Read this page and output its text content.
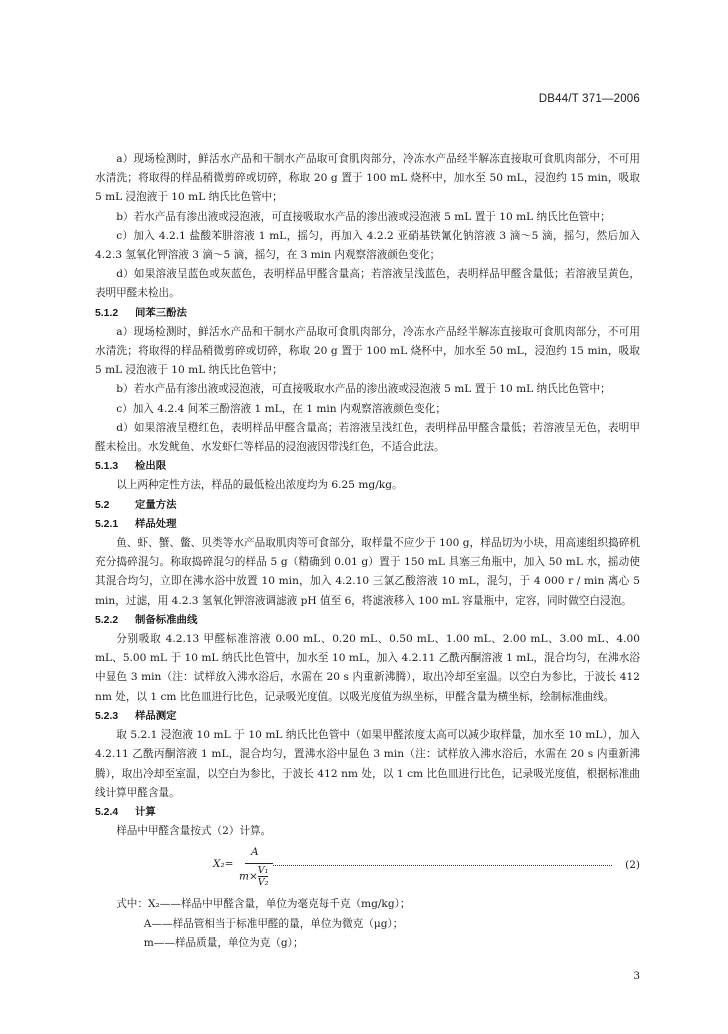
DB44/T 371—2006

a）现场检测时，鲜活水产品和干制水产品取可食肌肉部分，冷冻水产品经半解冻直接取可食肌肉部分，不可用水清洗；将取得的样品稍微剪碎或切碎，称取 20 g 置于 100 mL 烧杯中，加水至 50 mL，浸泡约 15 min，吸取 5 mL 浸泡液于 10 mL 纳氏比色管中；

b）若水产品有渗出液或浸泡液，可直接吸取水产品的渗出液或浸泡液 5 mL 置于 10 mL 纳氏比色管中；

c）加入 4.2.1 盐酸苯肼溶液 1 mL，摇匀，再加入 4.2.2 亚硝基铁氰化钠溶液 3 滴～5 滴，摇匀，然后加入 4.2.3 氢氧化钾溶液 3 滴～5 滴，摇匀，在 3 min 内观察溶液颜色变化；

d）如果溶液呈蓝色或灰蓝色，表明样品甲醛含量高；若溶液呈浅蓝色，表明样品甲醛含量低；若溶液呈黄色，表明甲醛未检出。

5.1.2 间苯三酚法

a）现场检测时，鲜活水产品和干制水产品取可食肌肉部分，冷冻水产品经半解冻直接取可食肌肉部分，不可用水清洗；将取得的样品稍微剪碎或切碎，称取 20 g 置于 100 mL 烧杯中，加水至 50 mL，浸泡约 15 min，吸取 5 mL 浸泡液于 10 mL 纳氏比色管中；

b）若水产品有渗出液或浸泡液，可直接吸取水产品的渗出液或浸泡液 5 mL 置于 10 mL 纳氏比色管中；

c）加入 4.2.4 间苯三酚溶液 1 mL，在 1 min 内观察溶液颜色变化；

d）如果溶液呈橙红色，表明样品甲醛含量高；若溶液呈浅红色，表明样品甲醛含量低；若溶液呈无色，表明甲醛未检出。水发鱿鱼、水发虾仁等样品的浸泡液因带浅红色，不适合此法。

5.1.3 检出限

以上两种定性方法，样品的最低检出浓度均为 6.25 mg/kg。

5.2 定量方法
5.2.1 样品处理

鱼、虾、蟹、鳖、贝类等水产品取肌肉等可食部分，取样量不应少于 100 g，样品切为小块，用高速组织捣碎机充分捣碎混匀。称取捣碎混匀的样品 5 g（精确到 0.01 g）置于 150 mL 具塞三角瓶中，加入 50 mL 水，摇动使其混合均匀，立即在沸水浴中放置 10 min，加入 4.2.10 三氯乙酸溶液 10 mL，混匀，于 4 000 r / min 离心 5 min，过滤，用 4.2.3 氢氧化钾溶液调滤液 pH 值至 6，将滤液移入 100 mL 容量瓶中，定容，同时做空白浸泡。

5.2.2 制备标准曲线

分别吸取 4.2.13 甲醛标准溶液 0.00 mL、0.20 mL、0.50 mL、1.00 mL、2.00 mL、3.00 mL、4.00 mL、5.00 mL 于 10 mL 纳氏比色管中，加水至 10 mL，加入 4.2.11 乙酰丙酮溶液 1 mL，混合均匀，在沸水浴中显色 3 min（注：试样放入沸水浴后，水需在 20 s 内重新沸腾），取出冷却至室温。以空白为参比，于波长 412 nm 处，以 1 cm 比色皿进行比色，记录吸光度值。以吸光度值为纵坐标，甲醛含量为横坐标，绘制标准曲线。

5.2.3 样品测定

取 5.2.1 浸泡液 10 mL 于 10 mL 纳氏比色管中（如果甲醛浓度太高可以减少取样量，加水至 10 mL），加入 4.2.11 乙酰丙酮溶液 1 mL，混合均匀，置沸水浴中显色 3 min（注：试样放入沸水浴后，水需在 20 s 内重新沸腾），取出冷却至室温，以空白为参比，于波长 412 nm 处，以 1 cm 比色皿进行比色，记录吸光度值，根据标准曲线计算甲醛含量。

5.2.4 计算

样品中甲醛含量按式（2）计算。

X₂=
A
$m\times \frac{\text{V₁}}{\text{V₂}}$	(2)
式中：X₂——样品中甲醛含量，单位为毫克每千克（mg/kg）；
A——样品管相当于标准甲醛的量，单位为微克（μg）；
m——样品质量，单位为克（g）；
3
